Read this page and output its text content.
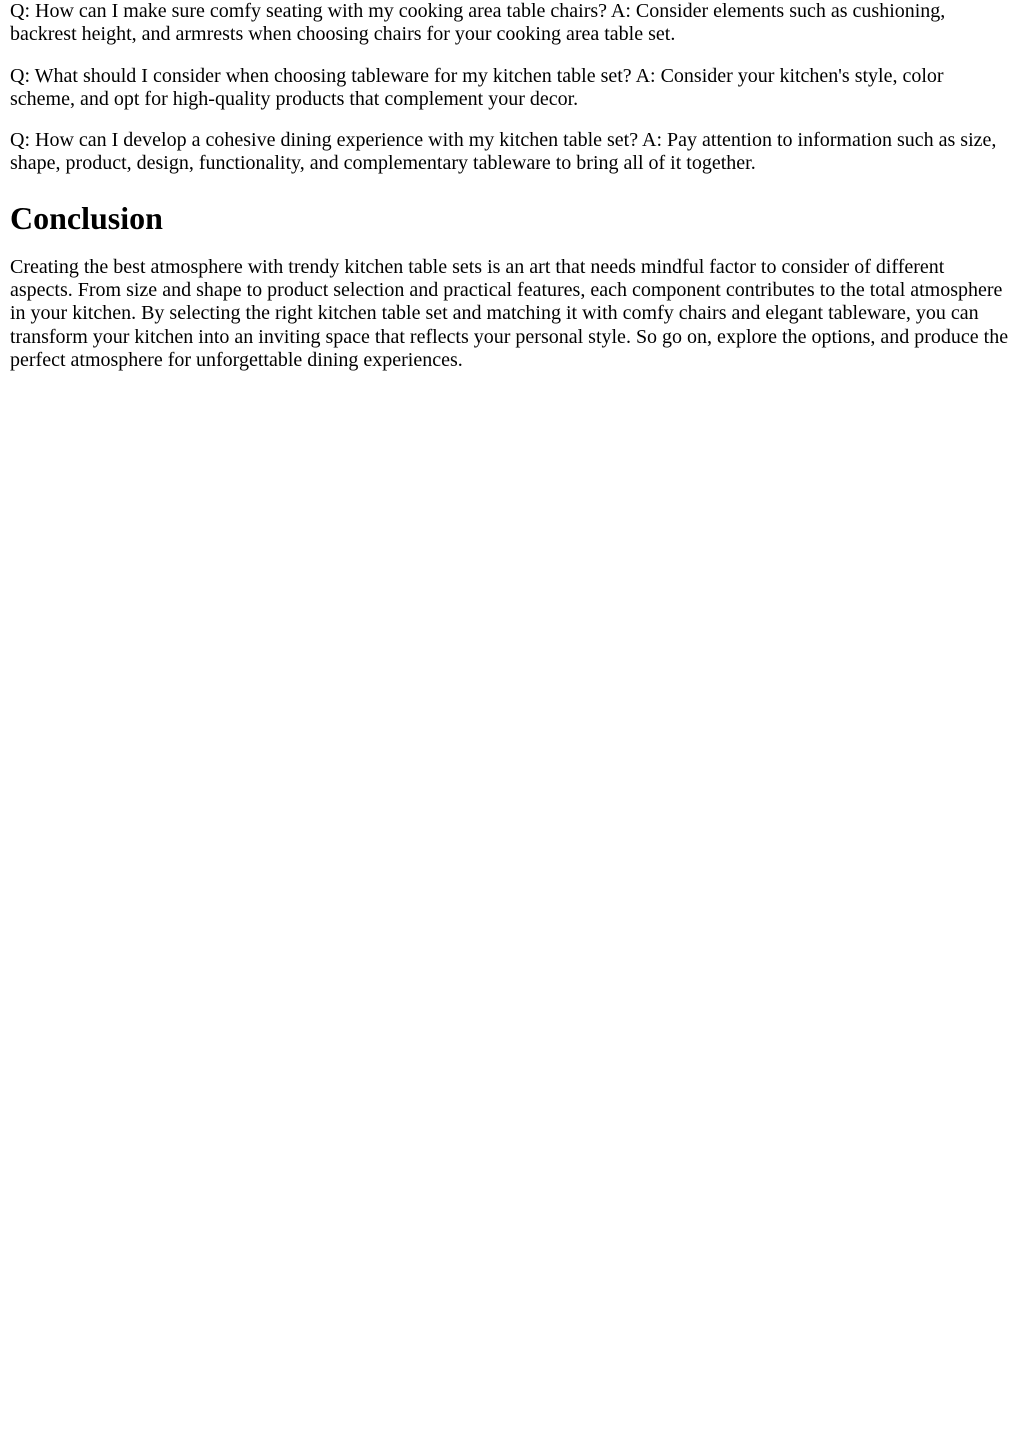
Q: How can I make sure comfy seating with my cooking area table chairs? A: Consider elements such as cushioning, backrest height, and armrests when choosing chairs for your cooking area table set.

Q: What should I consider when choosing tableware for my kitchen table set? A: Consider your kitchen's style, color scheme, and opt for high-quality products that complement your decor.

Q: How can I develop a cohesive dining experience with my kitchen table set? A: Pay attention to information such as size, shape, product, design, functionality, and complementary tableware to bring all of it together.

Conclusion

Creating the best atmosphere with trendy kitchen table sets is an art that needs mindful factor to consider of different aspects. From size and shape to product selection and practical features, each component contributes to the total atmosphere in your kitchen. By selecting the right kitchen table set and matching it with comfy chairs and elegant tableware, you can transform your kitchen into an inviting space that reflects your personal style. So go on, explore the options, and produce the perfect atmosphere for unforgettable dining experiences.
